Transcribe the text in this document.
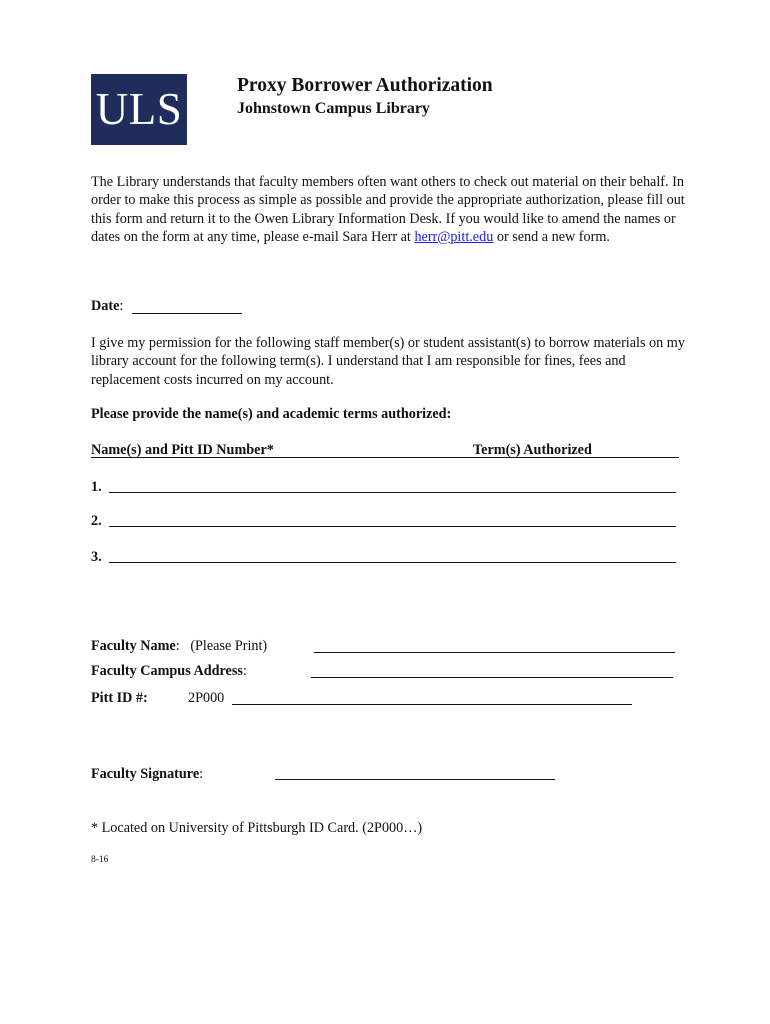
ULS	Proxy Borrower Authorization
Johnstown Campus Library
The Library understands that faculty members often want others to check out material on their behalf. In order to make this process as simple as possible and provide the appropriate authorization, please fill out this form and return it to the Owen Library Information Desk. If you would like to amend the names or dates on the form at any time, please e-mail Sara Herr at herr@pitt.edu or send a new form.
Date:
I give my permission for the following staff member(s) or student assistant(s) to borrow materials on my library account for the following term(s). I understand that I am responsible for fines, fees and replacement costs incurred on my account.
Please provide the name(s) and academic terms authorized:
Name(s) and Pitt ID Number*	Term(s) Authorized
1.
2.
3.
Faculty Name:   (Please Print)
Faculty Campus Address:
Pitt ID #:	2P000
Faculty Signature:
* Located on University of Pittsburgh ID Card. (2P000…)
8-16
